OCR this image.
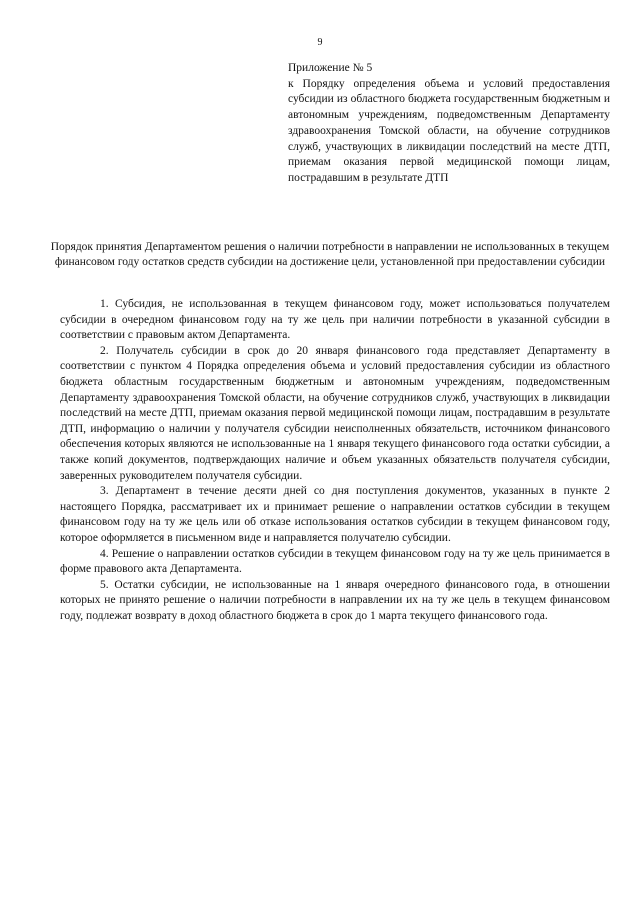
9

Приложение № 5

к Порядку определения объема и условий предоставления субсидии из областного бюджета государственным бюджетным и автономным учреждениям, подведомственным Департаменту здравоохранения Томской области, на обучение сотрудников служб, участвующих в ликвидации последствий на месте ДТП, приемам оказания первой медицинской помощи лицам, пострадавшим в результате ДТП

Порядок принятия Департаментом решения о наличии потребности в направлении не использованных в текущем финансовом году остатков средств субсидии на достижение цели, установленной при предоставлении субсидии

1. Субсидия, не использованная в текущем финансовом году, может использоваться получателем субсидии в очередном финансовом году на ту же цель при наличии потребности в указанной субсидии в соответствии с правовым актом Департамента.

2. Получатель субсидии в срок до 20 января финансового года представляет Департаменту в соответствии с пунктом 4 Порядка определения объема и условий предоставления субсидии из областного бюджета областным государственным бюджетным и автономным учреждениям, подведомственным Департаменту здравоохранения Томской области, на обучение сотрудников служб, участвующих в ликвидации последствий на месте ДТП, приемам оказания первой медицинской помощи лицам, пострадавшим в результате ДТП, информацию о наличии у получателя субсидии неисполненных обязательств, источником финансового обеспечения которых являются не использованные на 1 января текущего финансового года остатки субсидии, а также копий документов, подтверждающих наличие и объем указанных обязательств получателя субсидии, заверенных руководителем получателя субсидии.

3. Департамент в течение десяти дней со дня поступления документов, указанных в пункте 2 настоящего Порядка, рассматривает их и принимает решение о направлении остатков субсидии в текущем финансовом году на ту же цель или об отказе использования остатков субсидии в текущем финансовом году, которое оформляется в письменном виде и направляется получателю субсидии.

4. Решение о направлении остатков субсидии в текущем финансовом году на ту же цель принимается в форме правового акта Департамента.

5. Остатки субсидии, не использованные на 1 января очередного финансового года, в отношении которых не принято решение о наличии потребности в направлении их на ту же цель в текущем финансовом году, подлежат возврату в доход областного бюджета в срок до 1 марта текущего финансового года.
